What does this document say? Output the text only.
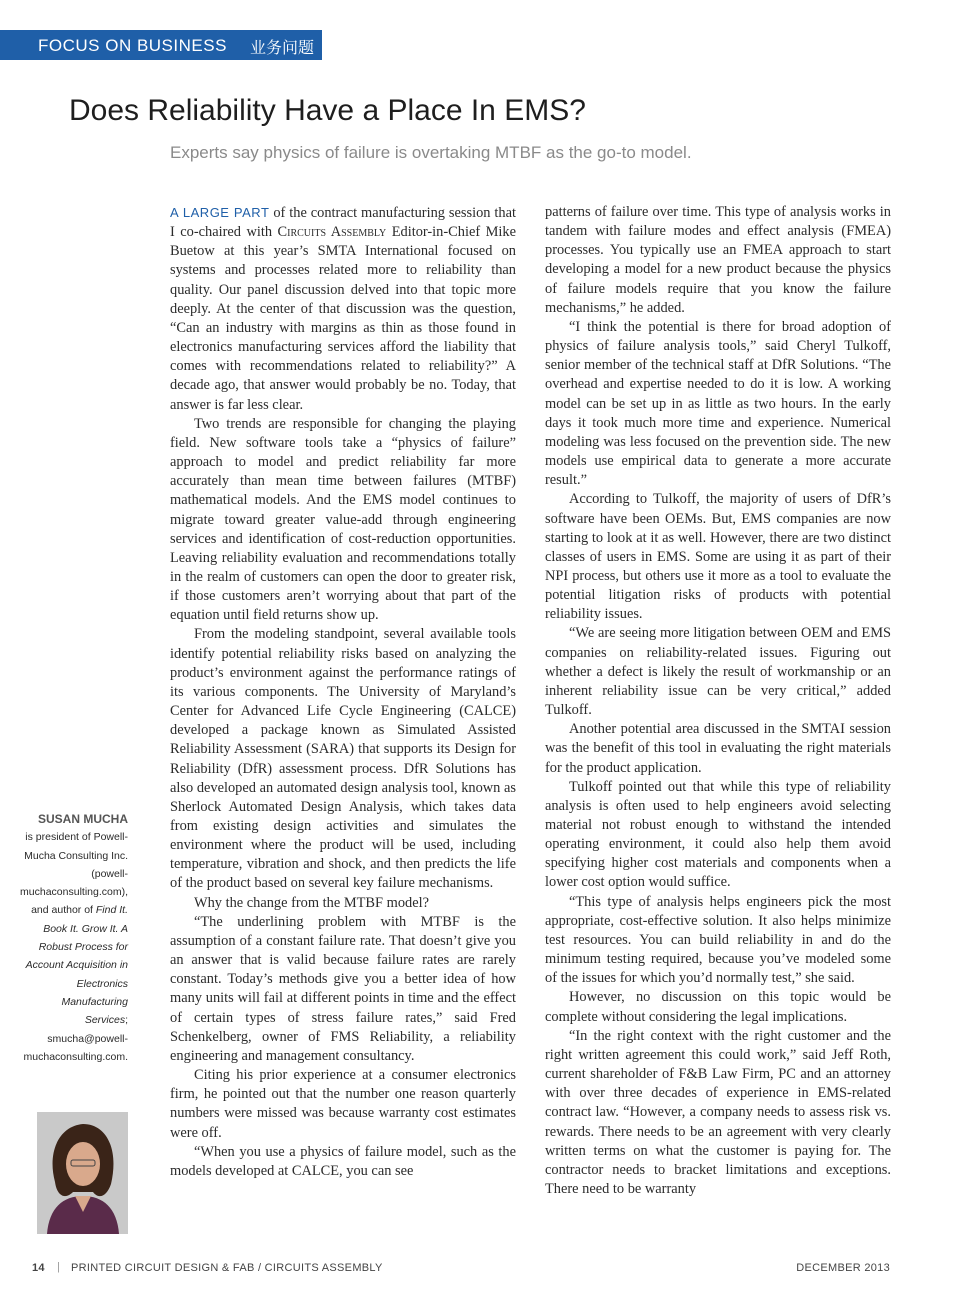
FOCUS ON BUSINESS 业务问题
Does Reliability Have a Place In EMS?
Experts say physics of failure is overtaking MTBF as the go-to model.

A LARGE PART of the contract manufacturing session that I co-chaired with Circuits Assembly Editor-in-Chief Mike Buetow at this year’s SMTA International focused on systems and processes related more to reliability than quality. Our panel discussion delved into that topic more deeply. At the center of that discussion was the question, “Can an industry with margins as thin as those found in electronics manufacturing services afford the liability that comes with recommendations related to reliability?” A decade ago, that answer would probably be no. Today, that answer is far less clear.

Two trends are responsible for changing the playing field. New software tools take a “physics of failure” approach to model and predict reliability far more accurately than mean time between failures (MTBF) mathematical models. And the EMS model continues to migrate toward greater value-add through engineering services and identification of cost-reduction opportunities. Leaving reliability evaluation and recommendations totally in the realm of customers can open the door to greater risk, if those customers aren’t worrying about that part of the equation until field returns show up.

From the modeling standpoint, several available tools identify potential reliability risks based on analyzing the product’s environment against the performance ratings of its various components. The University of Maryland’s Center for Advanced Life Cycle Engineering (CALCE) developed a package known as Simulated Assisted Reliability Assessment (SARA) that supports its Design for Reliability (DfR) assessment process. DfR Solutions has also developed an automated design analysis tool, known as Sherlock Automated Design Analysis, which takes data from existing design activities and simulates the environment where the product will be used, including temperature, vibration and shock, and then predicts the life of the product based on several key failure mechanisms.

Why the change from the MTBF model?

“The underlining problem with MTBF is the assumption of a constant failure rate. That doesn’t give you an answer that is valid because failure rates are rarely constant. Today’s methods give you a better idea of how many units will fail at different points in time and the effect of certain types of stress failure rates,” said Fred Schenkelberg, owner of FMS Reliability, a reliability engineering and management consultancy.

Citing his prior experience at a consumer electronics firm, he pointed out that the number one reason quarterly numbers were missed was because warranty cost estimates were off.

“When you use a physics of failure model, such as the models developed at CALCE, you can see

patterns of failure over time. This type of analysis works in tandem with failure modes and effect analysis (FMEA) processes. You typically use an FMEA approach to start developing a model for a new product because the physics of failure models require that you know the failure mechanisms,” he added.

“I think the potential is there for broad adoption of physics of failure analysis tools,” said Cheryl Tulkoff, senior member of the technical staff at DfR Solutions. “The overhead and expertise needed to do it is low. A working model can be set up in as little as two hours. In the early days it took much more time and experience. Numerical modeling was less focused on the prevention side. The new models use empirical data to generate a more accurate result.”

According to Tulkoff, the majority of users of DfR’s software have been OEMs. But, EMS companies are now starting to look at it as well. However, there are two distinct classes of users in EMS. Some are using it as part of their NPI process, but others use it more as a tool to evaluate the potential litigation risks of products with potential reliability issues.

“We are seeing more litigation between OEM and EMS companies on reliability-related issues. Figuring out whether a defect is likely the result of workmanship or an inherent reliability issue can be very critical,” added Tulkoff.

Another potential area discussed in the SMTAI session was the benefit of this tool in evaluating the right materials for the product application.

Tulkoff pointed out that while this type of reliability analysis is often used to help engineers avoid selecting material not robust enough to withstand the intended operating environment, it could also help them avoid specifying higher cost materials and components when a lower cost option would suffice.

“This type of analysis helps engineers pick the most appropriate, cost-effective solution. It also helps minimize test resources. You can build reliability in and do the minimum testing required, because you’ve modeled some of the issues for which you’d normally test,” she said.

However, no discussion on this topic would be complete without considering the legal implications.

“In the right context with the right customer and the right written agreement this could work,” said Jeff Roth, current shareholder of F&B Law Firm, PC and an attorney with over three decades of experience in EMS-related contract law. “However, a company needs to assess risk vs. rewards. There needs to be an agreement with very clearly written terms on what the customer is paying for. The contractor needs to bracket limitations and exceptions. There need to be warranty

SUSAN MUCHA
is president of Powell-Mucha Consulting Inc. (powell-muchaconsulting.com), and author of Find It. Book It. Grow It. A Robust Process for Account Acquisition in Electronics Manufacturing Services; smucha@powell-muchaconsulting.com.
14 | PRINTED CIRCUIT DESIGN & FAB / CIRCUITS ASSEMBLY	DECEMBER 2013
